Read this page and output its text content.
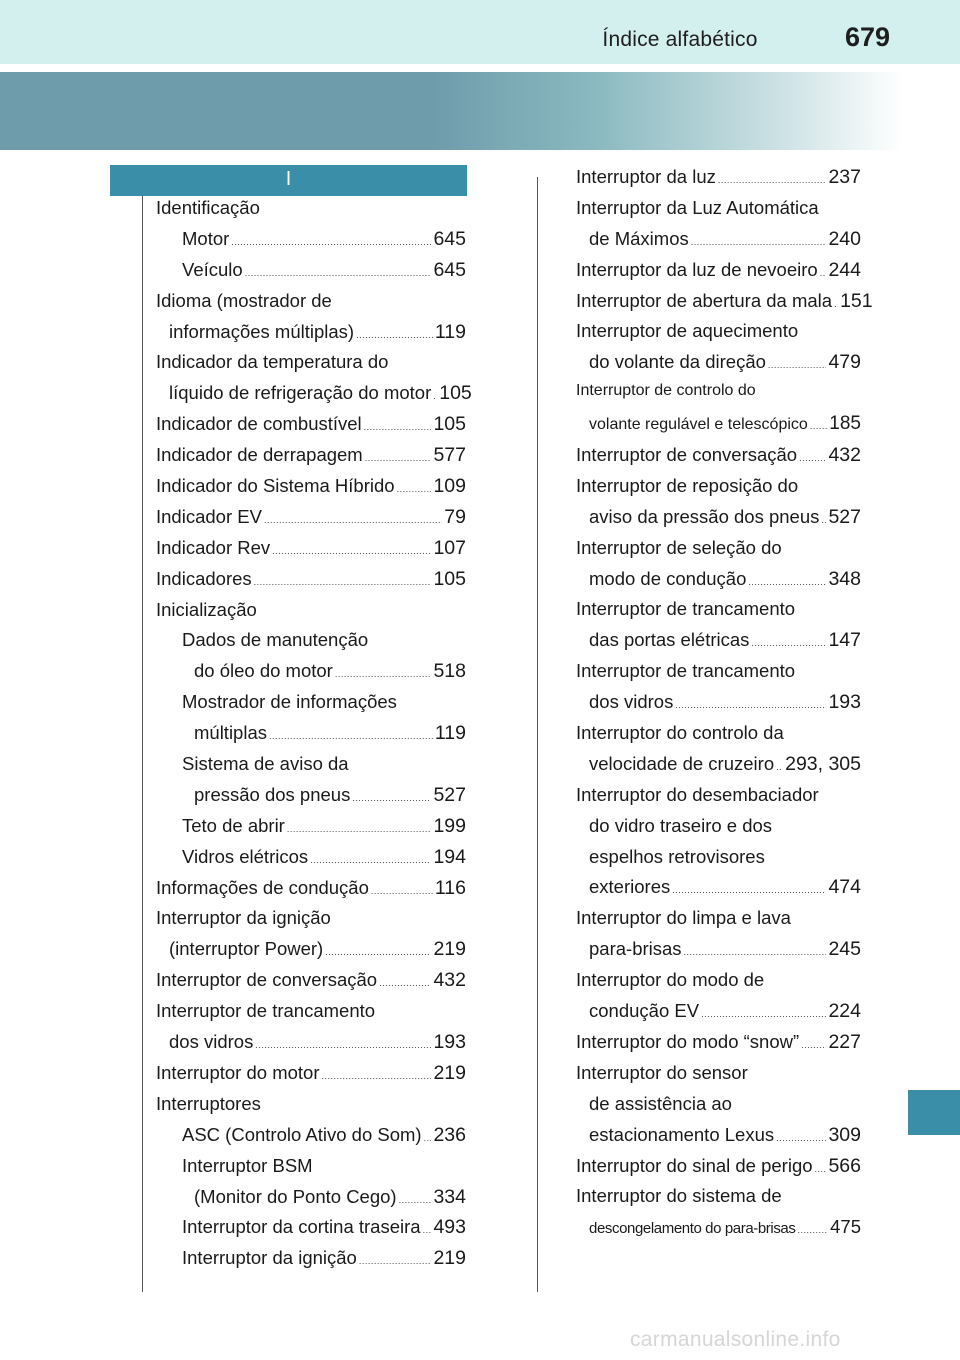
Índice alfabético	679
I
Identificação
Motor .....	645
Veículo .....	645
Idioma (mostrador de
informações múltiplas) .....	119
Indicador da temperatura do
líquido de refrigeração do motor ..... 105
Indicador de combustível .....	105
Indicador de derrapagem .....	577
Indicador do Sistema Híbrido ..... 109
Indicador EV .....	79
Indicador Rev .....	107
Indicadores .....	105
Inicialização
Dados de manutenção
do óleo do motor .....	518
Mostrador de informações
múltiplas .....	119
Sistema de aviso da
pressão dos pneus .....	527
Teto de abrir .....	199
Vidros elétricos .....	194
Informações de condução .....	116
Interruptor da ignição
(interruptor Power) .....	219
Interruptor de conversação .....	432
Interruptor de trancamento
dos vidros .....	193
Interruptor do motor .....	219
Interruptores
ASC (Controlo Ativo do Som) ..... 236
Interruptor BSM
(Monitor do Ponto Cego) ..... 334
Interruptor da cortina traseira ..... 493
Interruptor da ignição .....	219
Interruptor da luz .....	237
Interruptor da Luz Automática
de Máximos .....	240
Interruptor da luz de nevoeiro ..... 244
Interruptor de abertura da mala ..... 151
Interruptor de aquecimento
do volante da direção .....	479
Interruptor de controlo do
volante regulável e telescópico ..... 185
Interruptor de conversação ..... 432
Interruptor de reposição do
aviso da pressão dos pneus ..... 527
Interruptor de seleção do
modo de condução .....	348
Interruptor de trancamento
das portas elétricas .....	147
Interruptor de trancamento
dos vidros .....	193
Interruptor do controlo da
velocidade de cruzeiro ..... 293, 305
Interruptor do desembaciador
do vidro traseiro e dos
espelhos retrovisores
exteriores .....	474
Interruptor do limpa e lava
para-brisas .....	245
Interruptor do modo de
condução EV .....	224
Interruptor do modo “snow” ..... 227
Interruptor do sensor
de assistência ao
estacionamento Lexus .....	309
Interruptor do sinal de perigo ..... 566
Interruptor do sistema de
descongelamento do para-brisas ..... 475
carmanualsonline.info
